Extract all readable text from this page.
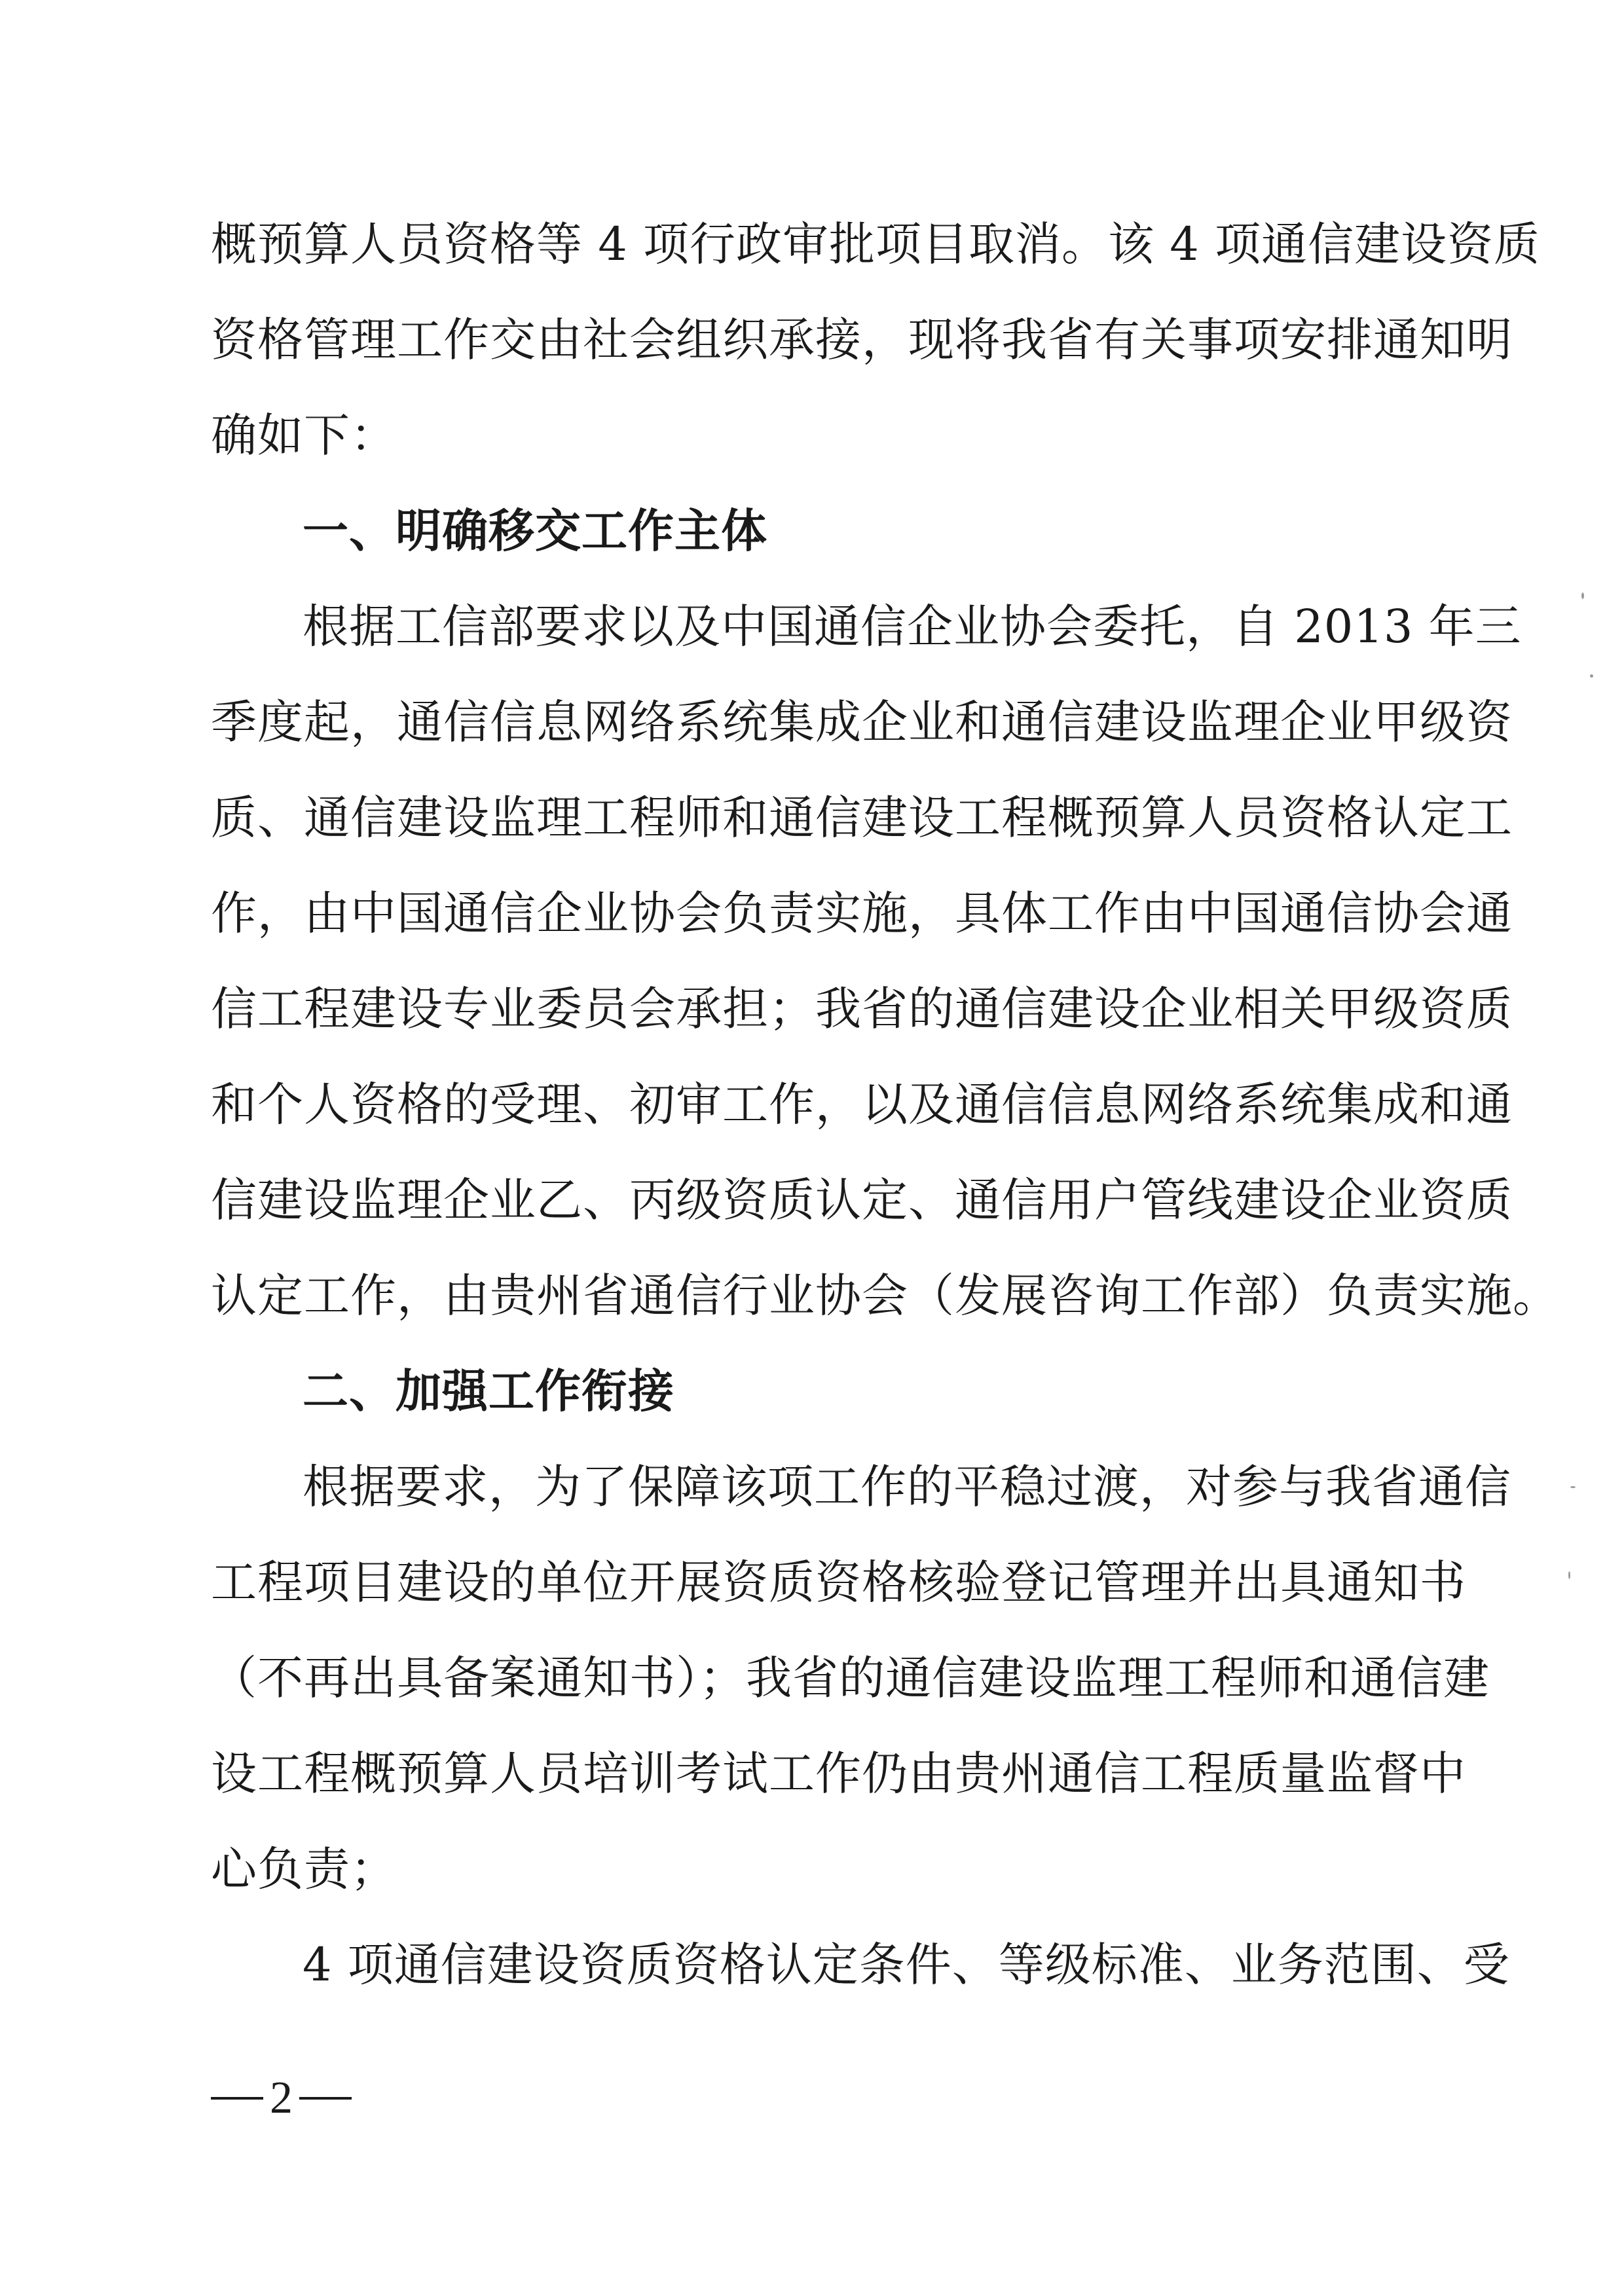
概预算人员资格等 4 项行政审批项目取消。该 4 项通信建设资质
资格管理工作交由社会组织承接，现将我省有关事项安排通知明
确如下：
一、明确移交工作主体
根据工信部要求以及中国通信企业协会委托，自 2013 年三
季度起，通信信息网络系统集成企业和通信建设监理企业甲级资
质、通信建设监理工程师和通信建设工程概预算人员资格认定工
作，由中国通信企业协会负责实施，具体工作由中国通信协会通
信工程建设专业委员会承担；我省的通信建设企业相关甲级资质
和个人资格的受理、初审工作，以及通信信息网络系统集成和通
信建设监理企业乙、丙级资质认定、通信用户管线建设企业资质
认定工作，由贵州省通信行业协会（发展咨询工作部）负责实施。
二、加强工作衔接
根据要求，为了保障该项工作的平稳过渡，对参与我省通信
工程项目建设的单位开展资质资格核验登记管理并出具通知书
（不再出具备案通知书）；我省的通信建设监理工程师和通信建
设工程概预算人员培训考试工作仍由贵州通信工程质量监督中
心负责；
4 项通信建设资质资格认定条件、等级标准、业务范围、受
2
